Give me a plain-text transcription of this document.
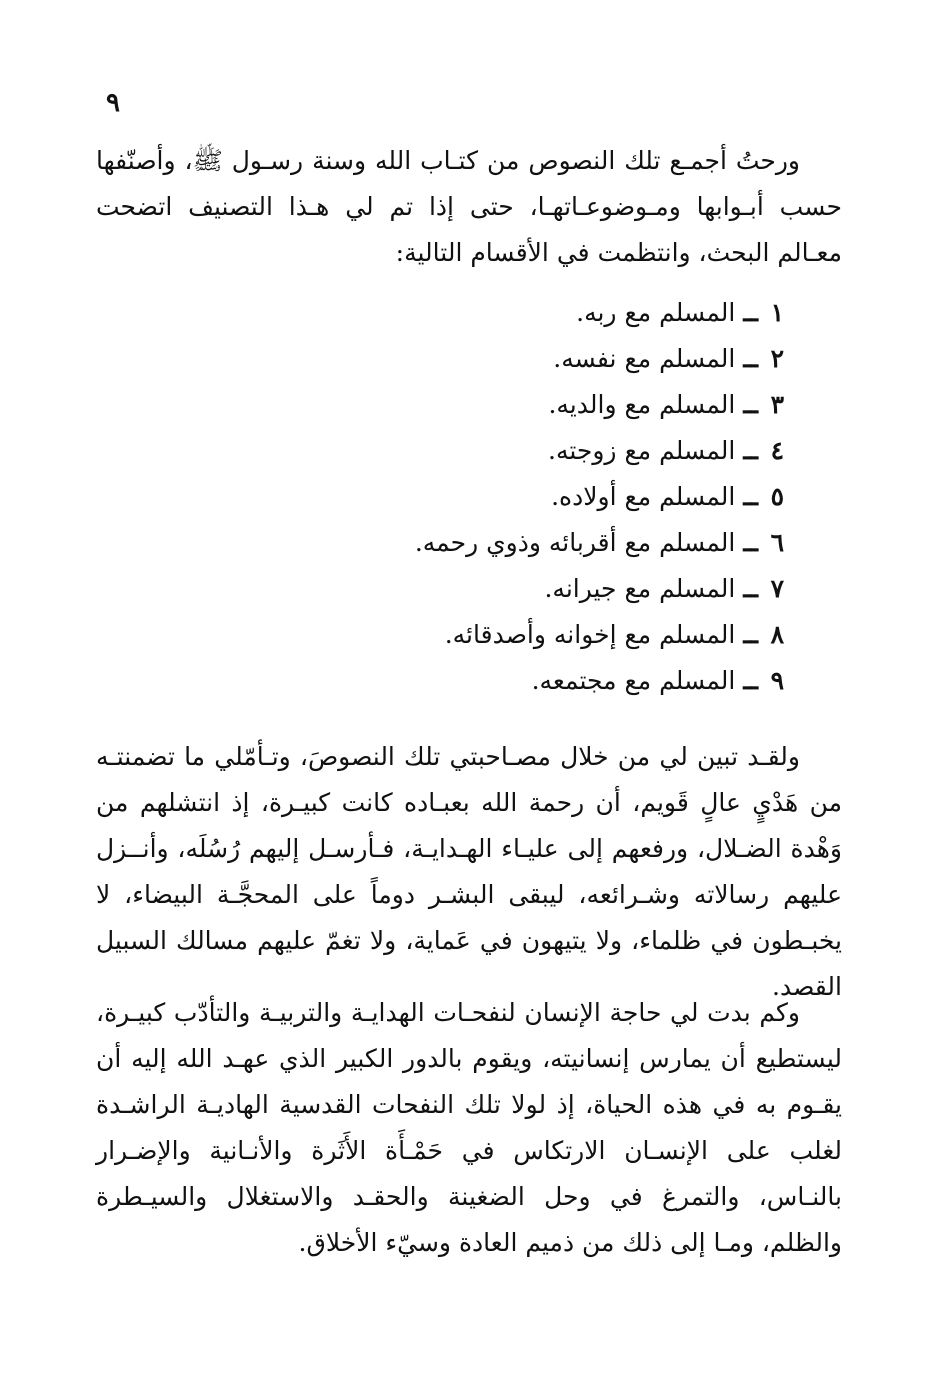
٩
ورحتُ أجمـع تلك النصوص من كتـاب الله وسنة رسـول ﷺ، وأصنّفها حسب أبـوابها ومـوضوعـاتهـا، حتى إذا تم لي هـذا التصنيف اتضحت معـالم البحث، وانتظمت في الأقسام التالية:
١ــالمسلم مع ربه.
٢ــالمسلم مع نفسه.
٣ــالمسلم مع والديه.
٤ــالمسلم مع زوجته.
٥ــالمسلم مع أولاده.
٦ــالمسلم مع أقربائه وذوي رحمه.
٧ــالمسلم مع جيرانه.
٨ــالمسلم مع إخوانه وأصدقائه.
٩ــالمسلم مع مجتمعه.
ولقـد تبين لي من خلال مصـاحبتي تلك النصوصَ، وتـأمّلي ما تضمنتـه من هَدْيٍ عالٍ قَويم، أن رحمة الله بعبـاده كانت كبيـرة، إذ انتشلهم من وَهْدة الضـلال، ورفعهم إلى عليـاء الهـدايـة، فـأرسـل إليهم رُسُلَه، وأنــزل عليهم رسالاته وشـرائعه، ليبقى البشـر دوماً على المحجَّـة البيضاء، لا يخبـطون في ظلماء، ولا يتيهون في عَماية، ولا تغمّ عليهم مسالك السبيل القصد.
وكم بدت لي حاجة الإنسان لنفحـات الهدايـة والتربيـة والتأدّب كبيـرة، ليستطيع أن يمارس إنسانيته، ويقوم بالدور الكبير الذي عهـد الله إليه أن يقـوم به في هذه الحياة، إذ لولا تلك النفحات القدسية الهاديـة الراشـدة لغلب على الإنسـان الارتكاس في حَمْـأَة الأَثَرة والأنـانية والإضـرار بالنـاس، والتمرغ في وحل الضغينة والحقـد والاستغلال والسيـطرة والظلم، ومـا إلى ذلك من ذميم العادة وسيّء الأخلاق.
